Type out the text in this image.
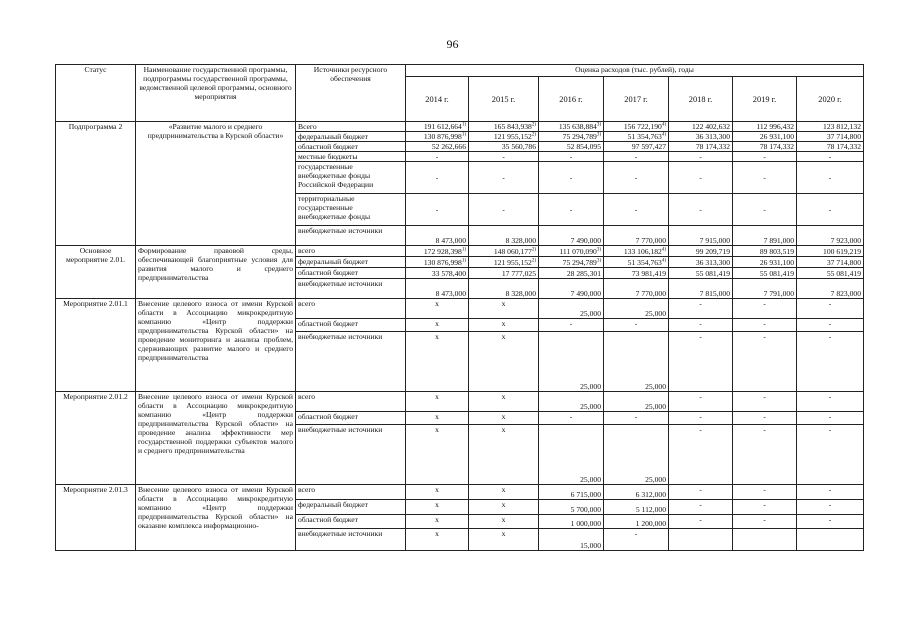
96
Статус	Наименование государственной программы, подпрограммы государственной программы, ведомственной целевой программы, основного мероприятия	Источники ресурсного обеспечения	Оценка расходов (тыс. рублей), годы						
			2014 г.	2015 г.	2016 г.	2017 г.	2018 г.	2019 г.	2020 г.
Подпрограмма 2	«Развитие малого и среднего предпринимательства в Курской области»	Всего	191 612,664$^{1)}$	165 843,938$^{2)}$	135 638,884$^{3)}$	156 722,190$^{4)}$	122 402,632	112 996,432	123 812,132
		федеральный бюджет	130 876,998$^{1)}$	121 955,152$^{2)}$	75 294,789$^{3)}$	51 354,763$^{4)}$	36 313,300	26 931,100	37 714,800
		областной бюджет	52 262,666	35 560,786	52 854,095	97 597,427	78 174,332	78 174,332	78 174,332
		местные бюджеты	-	-	-	-	-	-	-
		государственные внебюджетные фонды Российской Федерации	-	-	-	-	-	-	-
		территориальные государственные внебюджетные фонды	-	-	-	-	-	-	-
		внебюджетные источники	8 473,000	8 328,000	7 490,000	7 770,000	7 915,000	7 891,000	7 923,000
Основное мероприятие 2.01.	Формирование правовой среды, обеспечивающей благоприятные условия для развития малого и среднего предпринимательства	всего	172 928,398$^{1)}$	148 060,177$^{2)}$	111 070,090$^{3)}$	133 106,182$^{4)}$	99 209,719	89 803,519	100 619,219
		федеральный бюджет	130 876,998$^{1)}$	121 955,152$^{2)}$	75 294,789$^{3)}$	51 354,763$^{4)}$	36 313,300	26 931,100	37 714,800
		областной бюджет	33 578,400	17 777,025	28 285,301	73 981,419	55 081,419	55 081,419	55 081,419
		внебюджетные источники	8 473,000	8 328,000	7 490,000	7 770,000	7 815,000	7 791,000	7 823,000
Мероприятие 2.01.1	Внесение целевого взноса от имени Курской области в Ассоциацию микрокредитную компанию «Центр поддержки предпринимательства Курской области» на проведение мониторинга и анализа проблем, сдерживающих развитие малого и среднего предпринимательства	всего	х	х	25,000	25,000	-	-	-
		областной бюджет	х	х	-	-	-	-	-
		внебюджетные источники	х	х	25,000	25,000	-	-	-
Мероприятие 2.01.2	Внесение целевого взноса от имени Курской области в Ассоциацию микрокредитную компанию «Центр поддержки предпринимательства Курской области» на проведение анализа эффективности мер государственной поддержки субъектов малого и среднего предпринимательства	всего	х	х	25,000	25,000	-	-	-
		областной бюджет	х	х	-	-	-	-	-
		внебюджетные источники	х	х	25,000	25,000	-	-	-
Мероприятие 2.01.3	Внесение целевого взноса от имени Курской области в Ассоциацию микрокредитную компанию «Центр поддержки предпринимательства Курской области» на оказание комплекса информационно-	всего	х	х	6 715,000	6 312,000	-	-	-
		федеральный бюджет	х	х	5 700,000	5 112,000	-	-	-
		областной бюджет	х	х	1 000,000	1 200,000	-	-	-
		внебюджетные источники	х	х	15,000	-			
